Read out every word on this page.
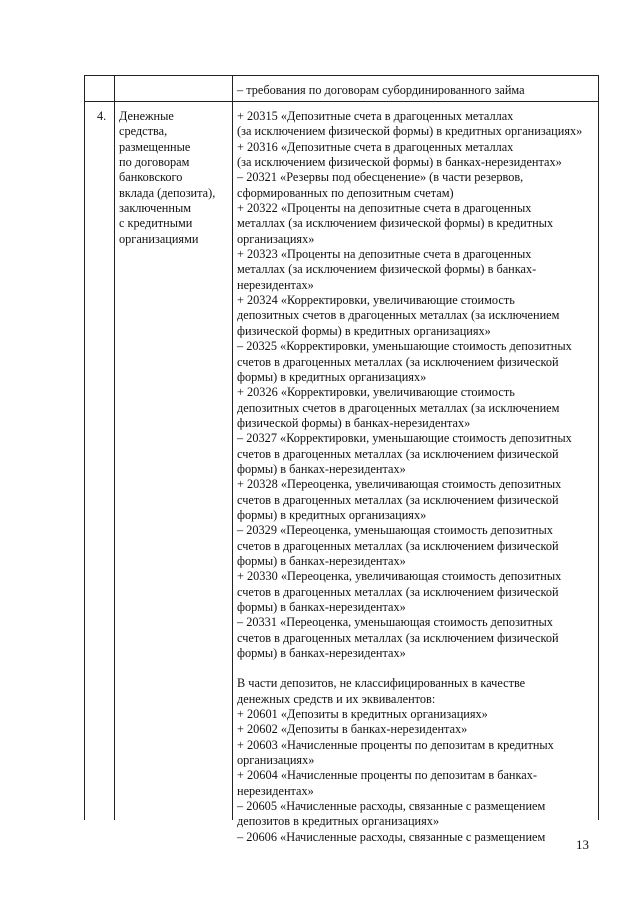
– требования по договорам субординированного займа
4. Денежные
средства,
размещенные
по договорам
банковского
вклада (депозита),
заключенным
с кредитными
организациями
+ 20315 «Депозитные счета в драгоценных металлах
(за исключением физической формы) в кредитных организациях»
+ 20316 «Депозитные счета в драгоценных металлах
(за исключением физической формы) в банках-нерезидентах»
– 20321 «Резервы под обесценение» (в части резервов,
сформированных по депозитным счетам)
+ 20322 «Проценты на депозитные счета в драгоценных
металлах (за исключением физической формы) в кредитных
организациях»
+ 20323 «Проценты на депозитные счета в драгоценных
металлах (за исключением физической формы) в банках-
нерезидентах»
+ 20324 «Корректировки, увеличивающие стоимость
депозитных счетов в драгоценных металлах (за исключением
физической формы) в кредитных организациях»
– 20325 «Корректировки, уменьшающие стоимость депозитных
счетов в драгоценных металлах (за исключением физической
формы) в кредитных организациях»
+ 20326 «Корректировки, увеличивающие стоимость
депозитных счетов в драгоценных металлах (за исключением
физической формы) в банках-нерезидентах»
– 20327 «Корректировки, уменьшающие стоимость депозитных
счетов в драгоценных металлах (за исключением физической
формы) в банках-нерезидентах»
+ 20328 «Переоценка, увеличивающая стоимость депозитных
счетов в драгоценных металлах (за исключением физической
формы) в кредитных организациях»
– 20329 «Переоценка, уменьшающая стоимость депозитных
счетов в драгоценных металлах (за исключением физической
формы) в банках-нерезидентах»
+ 20330 «Переоценка, увеличивающая стоимость депозитных
счетов в драгоценных металлах (за исключением физической
формы) в банках-нерезидентах»
– 20331 «Переоценка, уменьшающая стоимость депозитных
счетов в драгоценных металлах (за исключением физической
формы) в банках-нерезидентах»
В части депозитов, не классифицированных в качестве
денежных средств и их эквивалентов:
+ 20601 «Депозиты в кредитных организациях»
+ 20602 «Депозиты в банках-нерезидентах»
+ 20603 «Начисленные проценты по депозитам в кредитных
организациях»
+ 20604 «Начисленные проценты по депозитам в банках-
нерезидентах»
– 20605 «Начисленные расходы, связанные с размещением
депозитов в кредитных организациях»
– 20606 «Начисленные расходы, связанные с размещением
13
